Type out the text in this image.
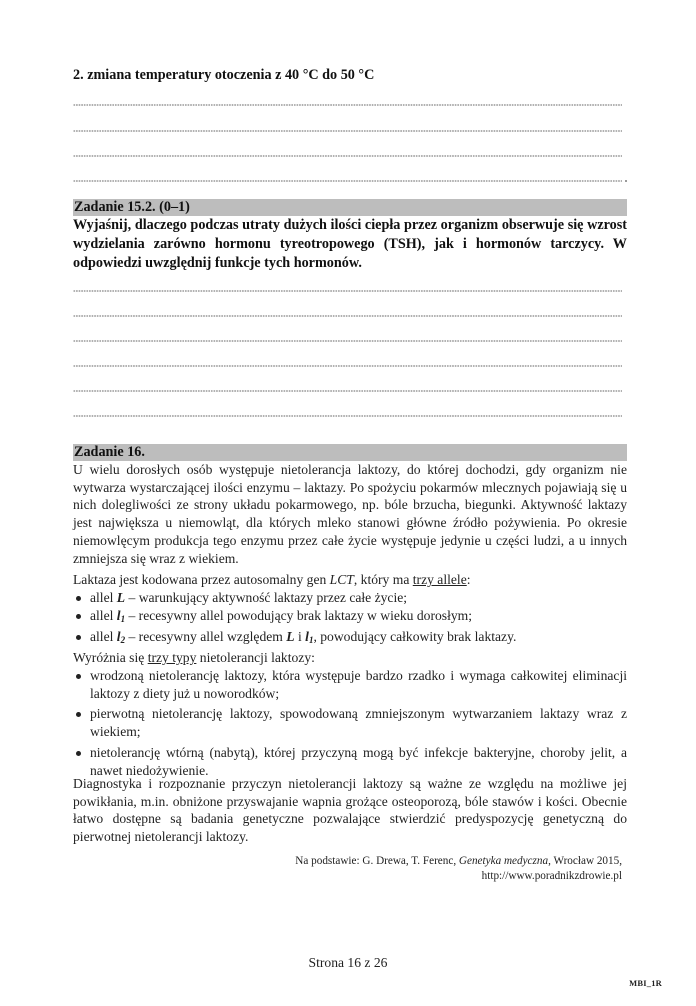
2. zmiana temperatury otoczenia z 40 °C do 50 °C
Zadanie 15.2. (0–1)
Wyjaśnij, dlaczego podczas utraty dużych ilości ciepła przez organizm obserwuje się wzrost wydzielania zarówno hormonu tyreotropowego (TSH), jak i hormonów tarczycy. W odpowiedzi uwzględnij funkcje tych hormonów.
Zadanie 16.
U wielu dorosłych osób występuje nietolerancja laktozy, do której dochodzi, gdy organizm nie wytwarza wystarczającej ilości enzymu – laktazy. Po spożyciu pokarmów mlecznych pojawiają się u nich dolegliwości ze strony układu pokarmowego, np. bóle brzucha, biegunki. Aktywność laktazy jest największa u niemowląt, dla których mleko stanowi główne źródło pożywienia. Po okresie niemowlęcym produkcja tego enzymu przez całe życie występuje jedynie u części ludzi, a u innych zmniejsza się wraz z wiekiem.
Laktaza jest kodowana przez autosomalny gen LCT, który ma trzy allele:
allel L – warunkujący aktywność laktazy przez całe życie;
allel $l_1$ – recesywny allel powodujący brak laktazy w wieku dorosłym;
allel $l_2$ – recesywny allel względem L i $l_1$, powodujący całkowity brak laktazy.
Wyróżnia się trzy typy nietolerancji laktozy:
wrodzoną nietolerancję laktozy, która występuje bardzo rzadko i wymaga całkowitej eliminacji laktozy z diety już u noworodków;
pierwotną nietolerancję laktozy, spowodowaną zmniejszonym wytwarzaniem laktazy wraz z wiekiem;
nietolerancję wtórną (nabytą), której przyczyną mogą być infekcje bakteryjne, choroby jelit, a nawet niedożywienie.
Diagnostyka i rozpoznanie przyczyn nietolerancji laktozy są ważne ze względu na możliwe jej powikłania, m.in. obniżone przyswajanie wapnia grożące osteoporozą, bóle stawów i kości. Obecnie łatwo dostępne są badania genetyczne pozwalające stwierdzić predyspozycję genetyczną do pierwotnej nietolerancji laktozy.
Na podstawie: G. Drewa, T. Ferenc, Genetyka medyczna, Wrocław 2015,
http://www.poradnikzdrowie.pl
Strona 16 z 26
MBI_1R
